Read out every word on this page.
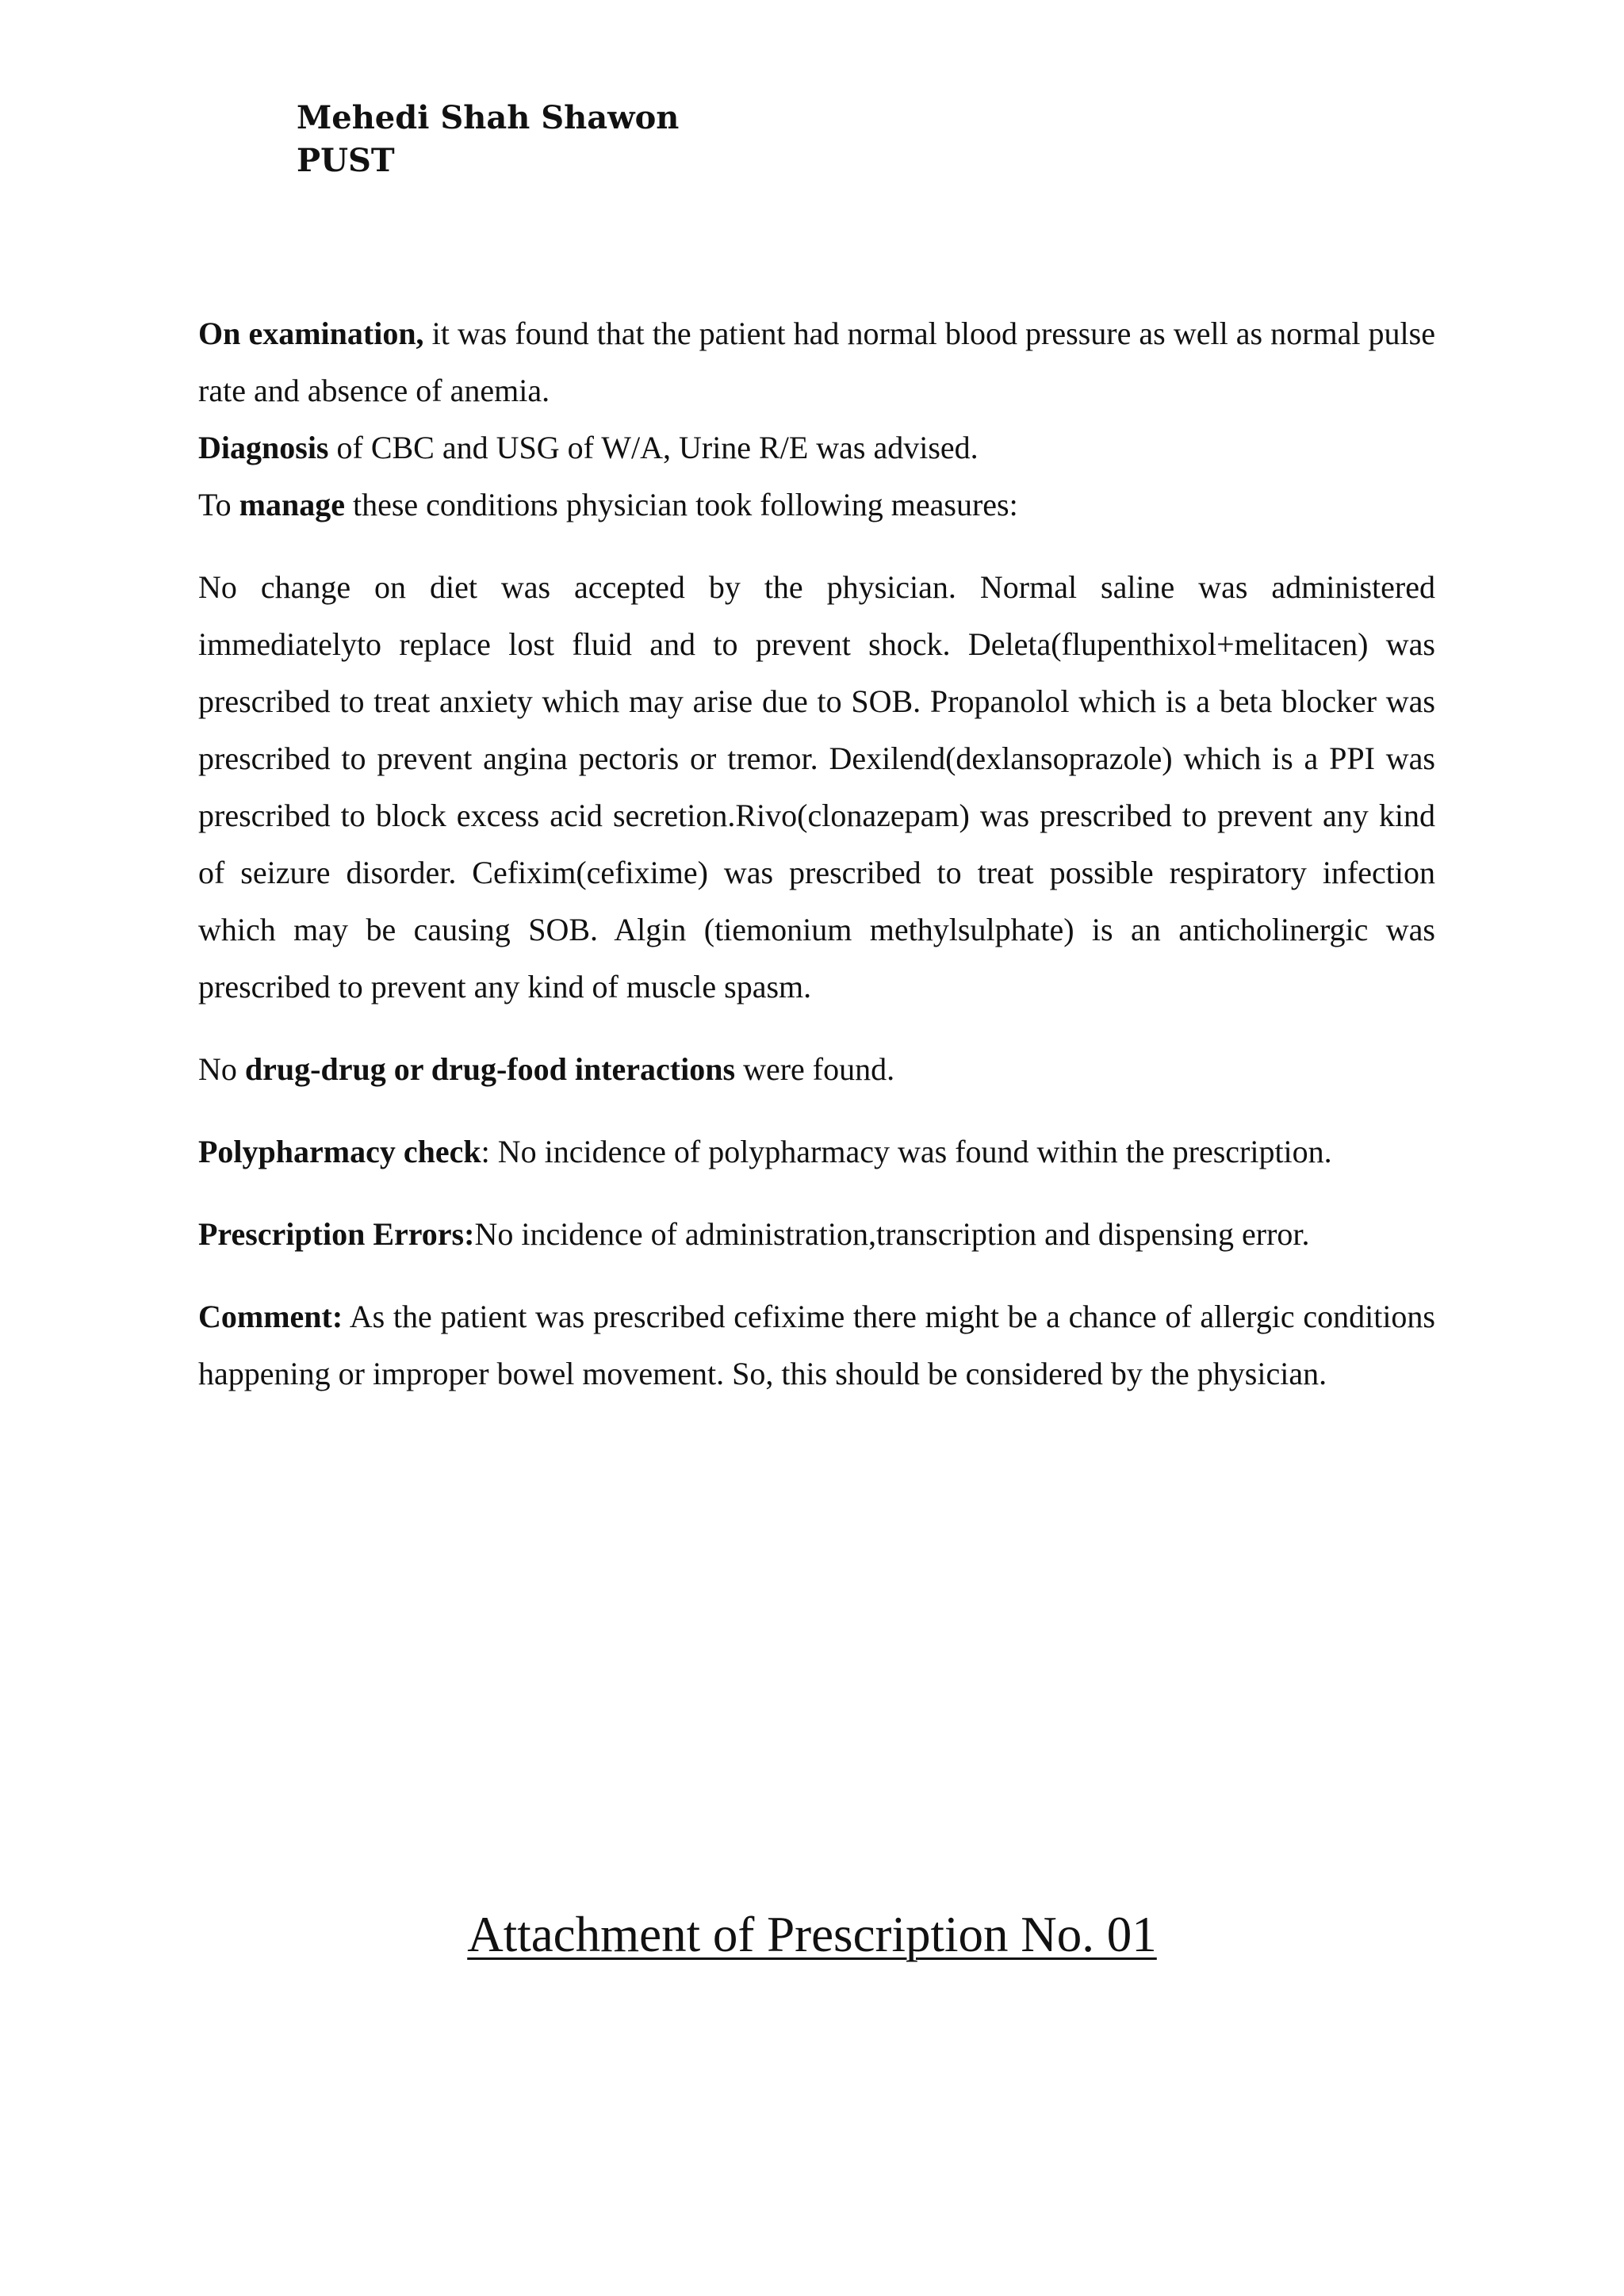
Mehedi Shah Shawon
PUST

On examination, it was found that the patient had normal blood pressure as well as normal pulse rate and absence of anemia.

Diagnosis of CBC and USG of W/A, Urine R/E was advised.

To manage these conditions physician took following measures:

No change on diet was accepted by the physician. Normal saline was administered immediatelyto replace lost fluid and to prevent shock. Deleta(flupenthixol+melitacen) was prescribed to treat anxiety which may arise due to SOB. Propanolol which is a beta blocker was prescribed to prevent angina pectoris or tremor. Dexilend(dexlansoprazole) which is a PPI was prescribed to block excess acid secretion.Rivo(clonazepam) was prescribed to prevent any kind of seizure disorder. Cefixim(cefixime) was prescribed to treat possible respiratory infection which may be causing SOB. Algin (tiemonium methylsulphate) is an anticholinergic was prescribed to prevent any kind of muscle spasm.

No drug-drug or drug-food interactions were found.

Polypharmacy check: No incidence of polypharmacy was found within the prescription.

Prescription Errors:No incidence of administration,transcription and dispensing error.

Comment: As the patient was prescribed cefixime there might be a chance of allergic conditions happening or improper bowel movement. So, this should be considered by the physician.

Attachment of Prescription No. 01
